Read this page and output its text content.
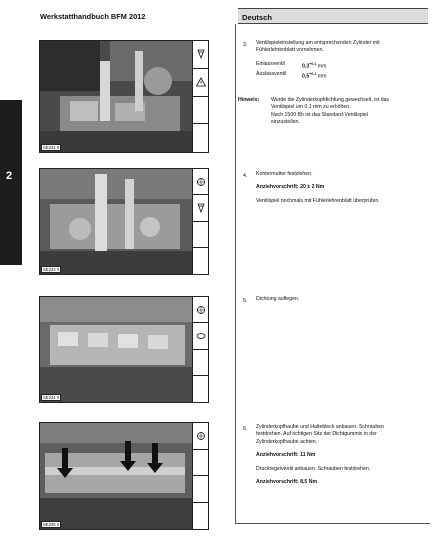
Werkstatthandbuch BFM 2012	Deutsch
2
SE232 0
SE233 0
SE234 0
SE235 0
3. Ventilspieleinstellung am entsprechenden Zylinder mit Fühlerlehrenblatt vornehmen.

Einlassventil	$0,3^{+0,1}$ mm
Auslassventil	$0,5^{+0,1}$ mm
Hinweis: Wurde die Zylinderkopfdichtung gewechselt, ist das Ventilspiel um 0,1 mm zu erhöhen.

Nach 1500 Bh ist das Standard-Ventilspiel einzustellen.

4. Kontermutter festziehen.

Anziehvorschrift: 20 ± 2 Nm

Ventilspiel nochmals mit Fühlerlehrenblatt überprüfen.

5. Dichtung auflegen.

6. Zylinderkopfhaube und Haltebleck anbauen. Schrauben festdrehen. Auf richtigen Sitz der Dichtgummis in der Zylinderkopfhaube achten.

Anziehvorschrift: 11 Nm

Druckregelventil anbauen. Schrauben festdrehen.

Anziehvorschrift: 8,5 Nm
